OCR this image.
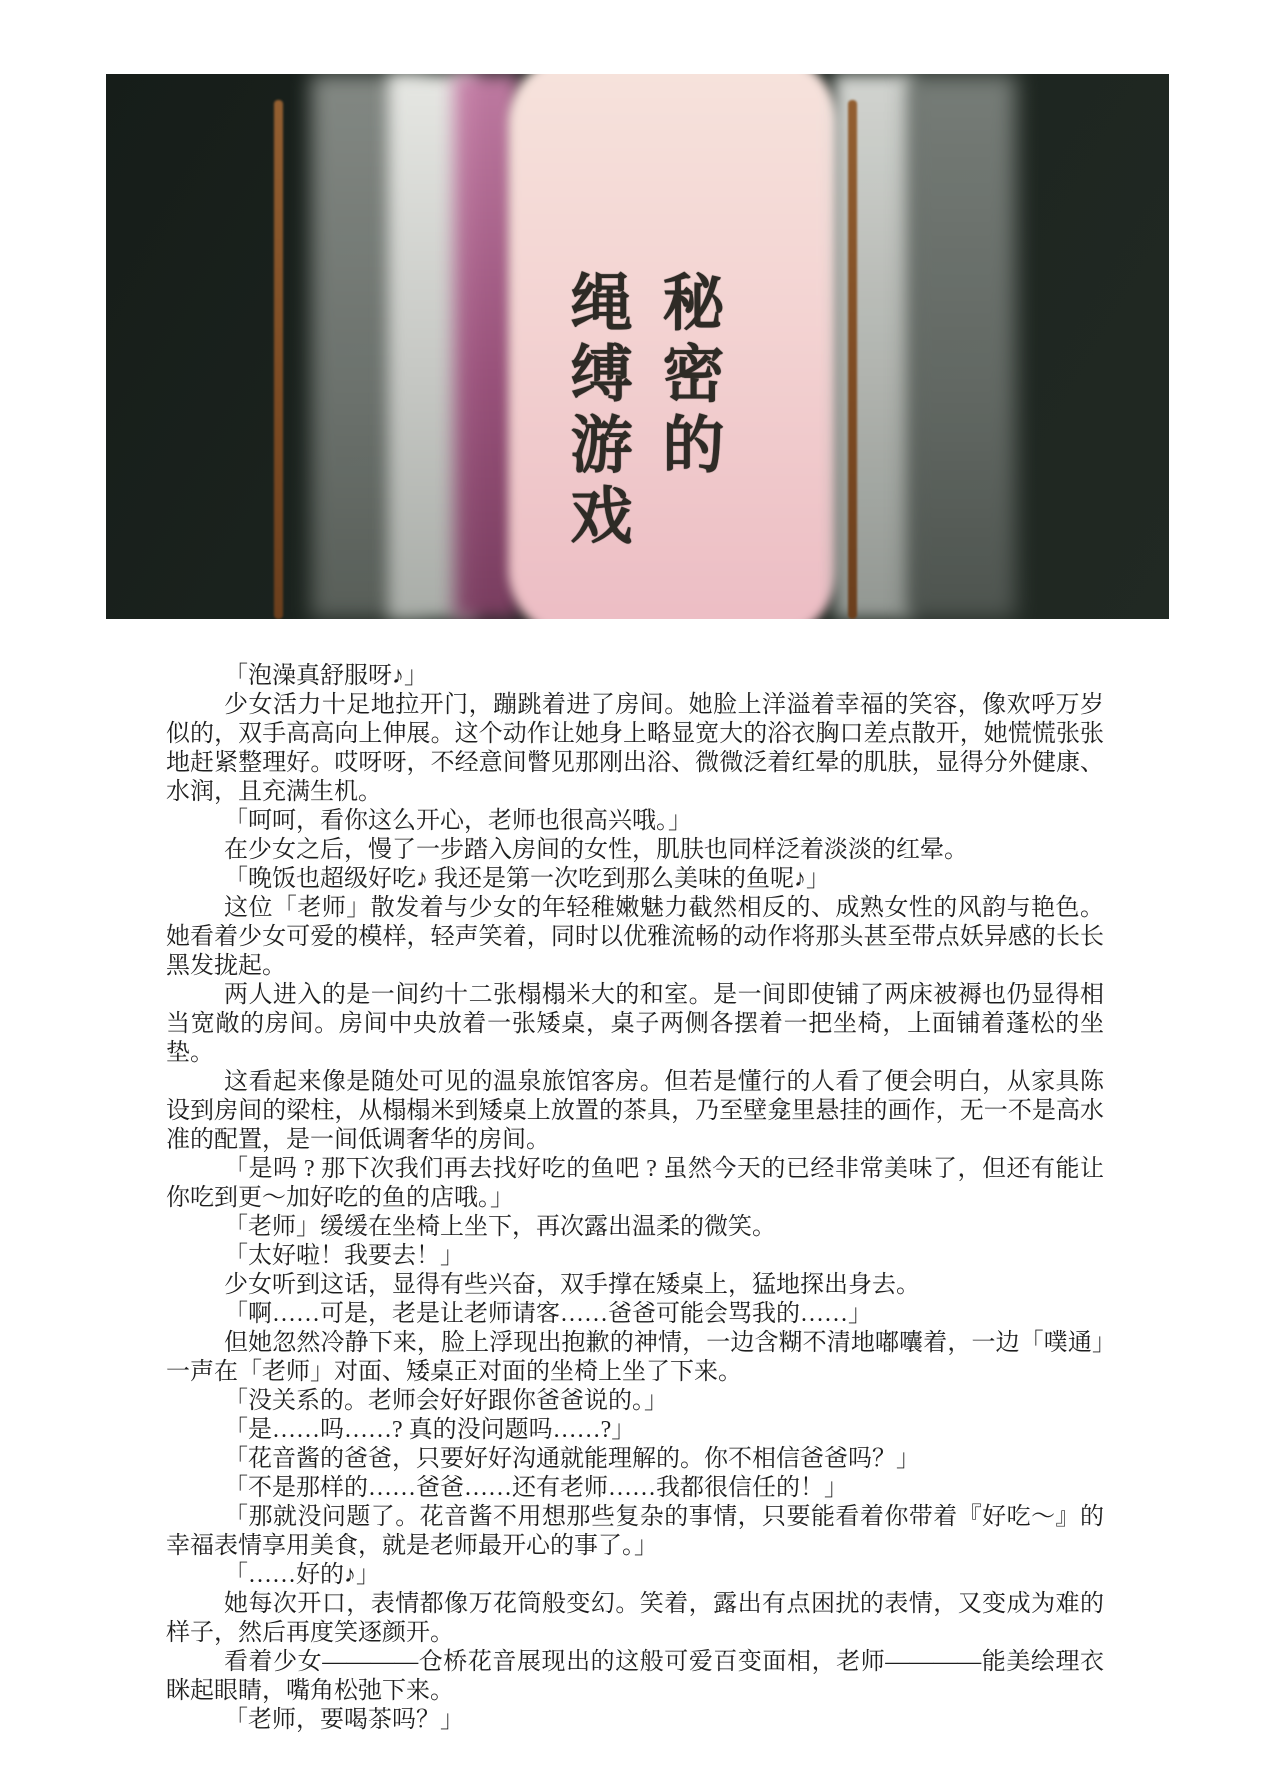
秘密的
绳缚游戏

「泡澡真舒服呀♪」

少女活力十足地拉开门，蹦跳着进了房间。她脸上洋溢着幸福的笑容，像欢呼万岁似的，双手高高向上伸展。这个动作让她身上略显宽大的浴衣胸口差点散开，她慌慌张张地赶紧整理好。哎呀呀，不经意间瞥见那刚出浴、微微泛着红晕的肌肤，显得分外健康、水润，且充满生机。

「呵呵，看你这么开心，老师也很高兴哦。」

在少女之后，慢了一步踏入房间的女性，肌肤也同样泛着淡淡的红晕。

「晚饭也超级好吃♪ 我还是第一次吃到那么美味的鱼呢♪」

这位「老师」散发着与少女的年轻稚嫩魅力截然相反的、成熟女性的风韵与艳色。她看着少女可爱的模样，轻声笑着，同时以优雅流畅的动作将那头甚至带点妖异感的长长黑发拢起。

两人进入的是一间约十二张榻榻米大的和室。是一间即使铺了两床被褥也仍显得相当宽敞的房间。房间中央放着一张矮桌，桌子两侧各摆着一把坐椅，上面铺着蓬松的坐垫。

这看起来像是随处可见的温泉旅馆客房。但若是懂行的人看了便会明白，从家具陈设到房间的梁柱，从榻榻米到矮桌上放置的茶具，乃至壁龛里悬挂的画作，无一不是高水准的配置，是一间低调奢华的房间。

「是吗 ? 那下次我们再去找好吃的鱼吧 ? 虽然今天的已经非常美味了，但还有能让你吃到更～加好吃的鱼的店哦。」

「老师」缓缓在坐椅上坐下，再次露出温柔的微笑。

「太好啦！我要去！」

少女听到这话，显得有些兴奋，双手撑在矮桌上，猛地探出身去。

「啊……可是，老是让老师请客……爸爸可能会骂我的……」

但她忽然冷静下来，脸上浮现出抱歉的神情，一边含糊不清地嘟囔着，一边「噗通」一声在「老师」对面、矮桌正对面的坐椅上坐了下来。

「没关系的。老师会好好跟你爸爸说的。」

「是……吗……? 真的没问题吗……?」

「花音酱的爸爸，只要好好沟通就能理解的。你不相信爸爸吗？」

「不是那样的……爸爸……还有老师……我都很信任的！」

「那就没问题了。花音酱不用想那些复杂的事情，只要能看着你带着『好吃～』的幸福表情享用美食，就是老师最开心的事了。」

「……好的♪」

她每次开口，表情都像万花筒般变幻。笑着，露出有点困扰的表情，又变成为难的样子，然后再度笑逐颜开。

看着少女————仓桥花音展现出的这般可爱百变面相，老师————能美绘理衣眯起眼睛，嘴角松弛下来。

「老师，要喝茶吗？」
